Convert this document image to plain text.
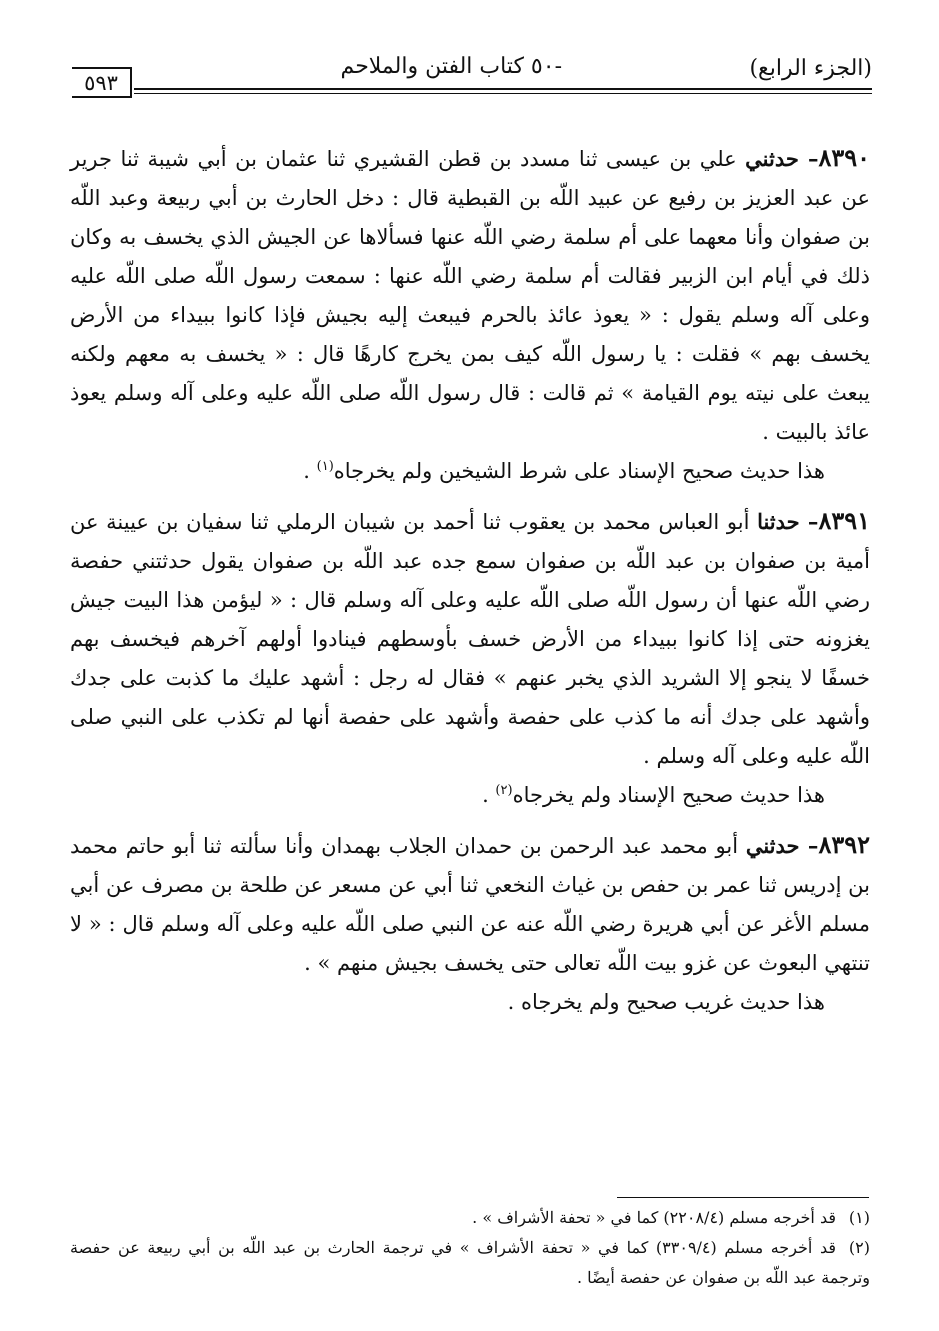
(الجزء الرابع)
-٥٠ كتاب الفتن والملاحم
٥٩٣

٨٣٩٠– حدثني علي بن عيسى ثنا مسدد بن قطن القشيري ثنا عثمان بن أبي شيبة ثنا جرير عن عبد العزيز بن رفيع عن عبيد اللّه بن القبطية قال : دخل الحارث بن أبي ربيعة وعبد اللّه بن صفوان وأنا معهما على أم سلمة رضي اللّه عنها فسألاها عن الجيش الذي يخسف به وكان ذلك في أيام ابن الزبير فقالت أم سلمة رضي اللّه عنها : سمعت رسول اللّه صلى اللّه عليه وعلى آله وسلم يقول : « يعوذ عائذ بالحرم فيبعث إليه بجيش فإذا كانوا ببيداء من الأرض يخسف بهم » فقلت : يا رسول اللّه كيف بمن يخرج كارهًا قال : « يخسف به معهم ولكنه يبعث على نيته يوم القيامة » ثم قالت : قال رسول اللّه صلى اللّه عليه وعلى آله وسلم يعوذ عائذ بالبيت .

هذا حديث صحيح الإسناد على شرط الشيخين ولم يخرجاه$^{(١)}$ .

٨٣٩١– حدثنا أبو العباس محمد بن يعقوب ثنا أحمد بن شيبان الرملي ثنا سفيان بن عيينة عن أمية بن صفوان بن عبد اللّه بن صفوان سمع جده عبد اللّه بن صفوان يقول حدثتني حفصة رضي اللّه عنها أن رسول اللّه صلى اللّه عليه وعلى آله وسلم قال : « ليؤمن هذا البيت جيش يغزونه حتى إذا كانوا ببيداء من الأرض خسف بأوسطهم فينادوا أولهم آخرهم فيخسف بهم خسفًا لا ينجو إلا الشريد الذي يخبر عنهم » فقال له رجل : أشهد عليك ما كذبت على جدك وأشهد على جدك أنه ما كذب على حفصة وأشهد على حفصة أنها لم تكذب على النبي صلى اللّه عليه وعلى آله وسلم .

هذا حديث صحيح الإسناد ولم يخرجاه$^{(٢)}$ .

٨٣٩٢– حدثني أبو محمد عبد الرحمن بن حمدان الجلاب بهمدان وأنا سألته ثنا أبو حاتم محمد بن إدريس ثنا عمر بن حفص بن غياث النخعي ثنا أبي عن مسعر عن طلحة بن مصرف عن أبي مسلم الأغر عن أبي هريرة رضي اللّه عنه عن النبي صلى اللّه عليه وعلى آله وسلم قال : « لا تنتهي البعوث عن غزو بيت اللّه تعالى حتى يخسف بجيش منهم » .

هذا حديث غريب صحيح ولم يخرجاه .

(١)قد أخرجه مسلم (٢٢٠٨/٤) كما في « تحفة الأشراف » .

(٢)قد أخرجه مسلم (٣٣٠٩/٤) كما في « تحفة الأشراف » في ترجمة الحارث بن عبد اللّه بن أبي ربيعة عن حفصة وترجمة عبد اللّه بن صفوان عن حفصة أيضًا .
